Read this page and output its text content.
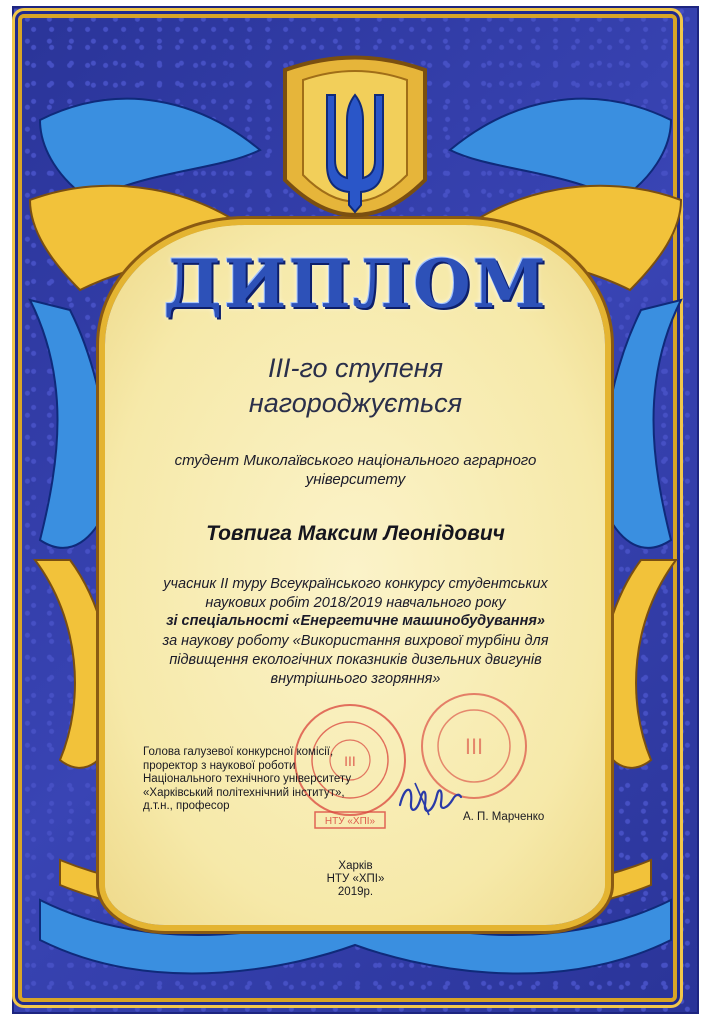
ДИПЛОМ
ІІІ-го ступеня
нагороджується
студент Миколаївського національного аграрного
університету
Товпига Максим Леонідович
учасник ІІ туру Всеукраїнського конкурсу студентських
наукових робіт 2018/2019 навчального року
зі спеціальності «Енергетичне машинобудування»
за наукову роботу «Використання вихрової турбіни для
підвищення екологічних показників дизельних двигунів
внутрішнього згоряння»
ІІІ
НТУ «ХПІ»
ІІІ
Голова галузевої конкурсної комісії,
проректор з наукової роботи
Національного технічного університету
«Харківський політехнічний інститут»,
д.т.н., професор
А. П. Марченко
Харків
НТУ «ХПІ»
2019р.
